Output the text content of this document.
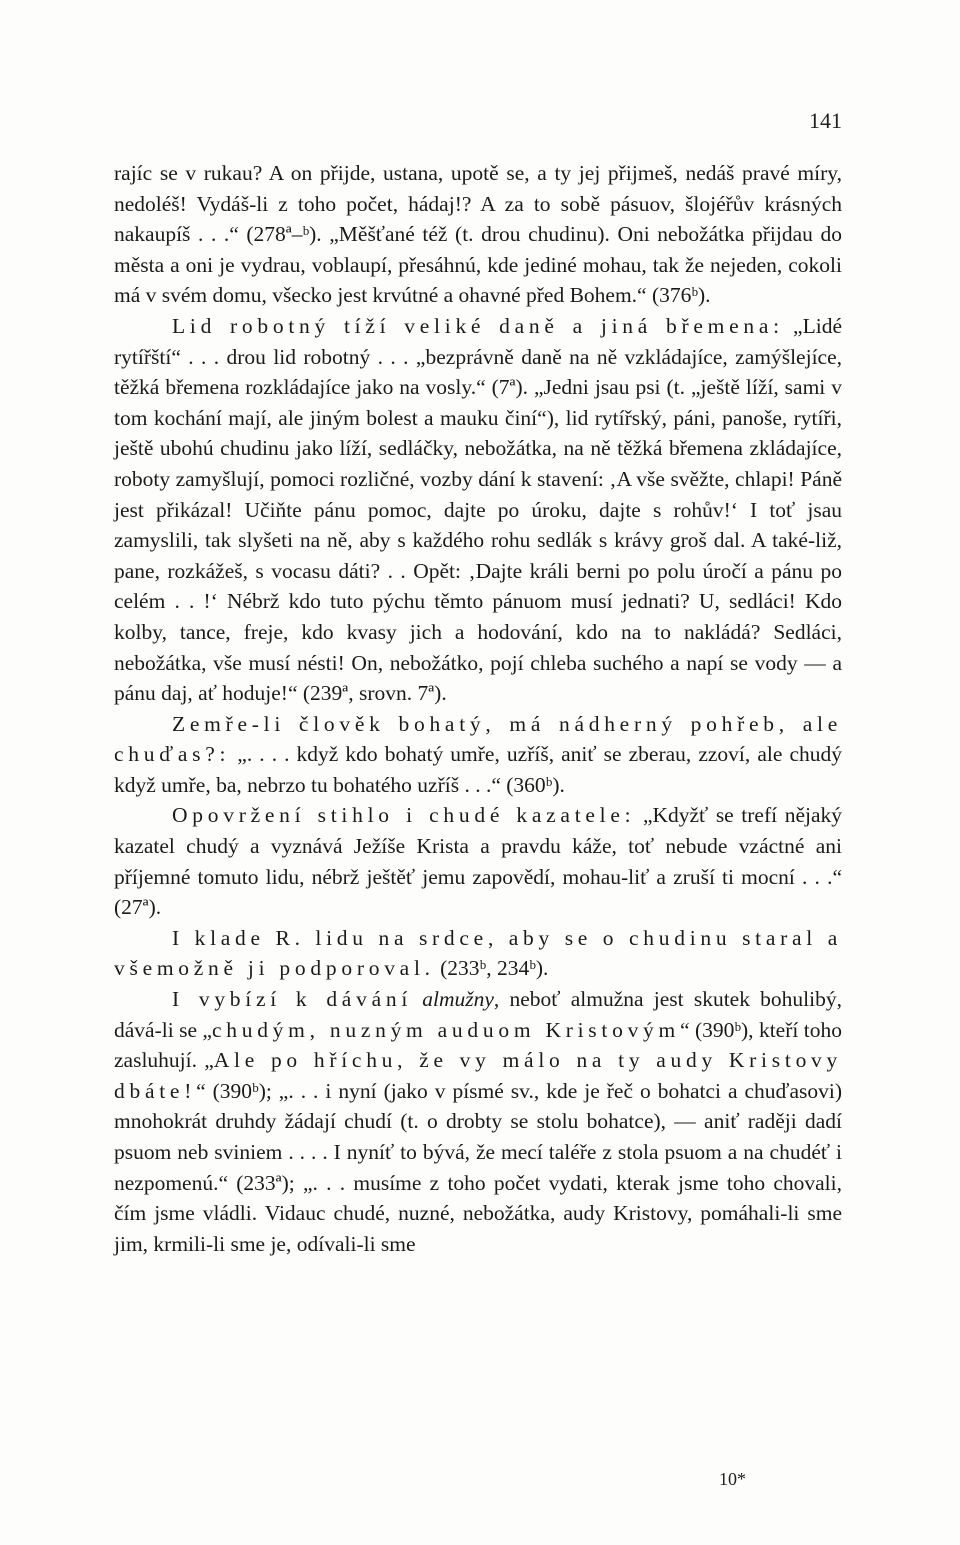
141

rajíc se v rukau? A on přijde, ustana, upotě se, a ty jej přijmeš, nedáš pravé míry, nedoléš! Vydáš-li z toho počet, hádaj!? A za to sobě pásuov, šlojéřův krásných nakaupíš . . .“ (278ª–ᵇ). „Měšťané též (t. drou chudinu). Oni nebožátka přijdau do města a oni je vydrau, voblaupí, přesáhnú, kde jediné mohau, tak že nejeden, cokoli má v svém domu, všecko jest krvútné a ohavné před Bohem.“ (376ᵇ).

Lid robotný tíží veliké daně a jiná břemena: „Lidé rytířští“ . . . drou lid robotný . . . „bezprávně daně na ně vzkládajíce, zamýšlejíce, těžká břemena rozkládajíce jako na vosly.“ (7ª). „Jedni jsau psi (t. „ještě líží, sami v tom kochání mají, ale jiným bolest a mauku činí“), lid rytířský, páni, panoše, rytíři, ještě ubohú chudinu jako líží, sedláčky, nebožátka, na ně těžká břemena zkládajíce, roboty zamyšlují, pomoci rozličné, vozby dání k stavení: ‚A vše svěžte, chlapi! Páně jest přikázal! Učiňte pánu pomoc, dajte po úroku, dajte s rohův!‘ I toť jsau zamyslili, tak slyšeti na ně, aby s každého rohu sedlák s krávy groš dal. A také-liž, pane, rozkážeš, s vocasu dáti? . . Opět: ‚Dajte králi berni po polu úročí a pánu po celém . . !‘ Nébrž kdo tuto pýchu těmto pánuom musí jednati? U, sedláci! Kdo kolby, tance, freje, kdo kvasy jich a hodování, kdo na to nakládá? Sedláci, nebožátka, vše musí nésti! On, nebožátko, pojí chleba suchého a napí se vody — a pánu daj, ať hoduje!“ (239ª, srovn. 7ª).

Zemře-li člověk bohatý, má nádherný pohřeb, ale chuďas?: „. . . . když kdo bohatý umře, uzříš, aniť se zberau, zzoví, ale chudý když umře, ba, nebrzo tu bohatého uzříš . . .“ (360ᵇ).

Opovržení stihlo i chudé kazatele: „Kdyžť se trefí nějaký kazatel chudý a vyznává Ježíše Krista a pravdu káže, toť nebude vzáctné ani příjemné tomuto lidu, nébrž ještěť jemu zapovědí, mohau-liť a zruší ti mocní . . .“ (27ª).

I klade R. lidu na srdce, aby se o chudinu staral a všemožně ji podporoval. (233ᵇ, 234ᵇ).

I vybízí k dávání almužny, neboť almužna jest skutek bohulibý, dává-li se „chudým, nuzným auduom Kristovým“ (390ᵇ), kteří toho zasluhují. „Ale po hříchu, že vy málo na ty audy Kristovy dbáte!“ (390ᵇ); „. . . i nyní (jako v písmé sv., kde je řeč o bohatci a chuďasovi) mnohokrát druhdy žádají chudí (t. o drobty se stolu bohatce), — aniť raději dadí psuom neb sviniem . . . . I nyníť to bývá, že mecí taléře z stola psuom a na chudéť i nezpomenú.“ (233ª); „. . . musíme z toho počet vydati, kterak jsme toho chovali, čím jsme vládli. Vidauc chudé, nuzné, nebožátka, audy Kristovy, pomáhali-li sme jim, krmili-li sme je, odívali-li sme

10*
